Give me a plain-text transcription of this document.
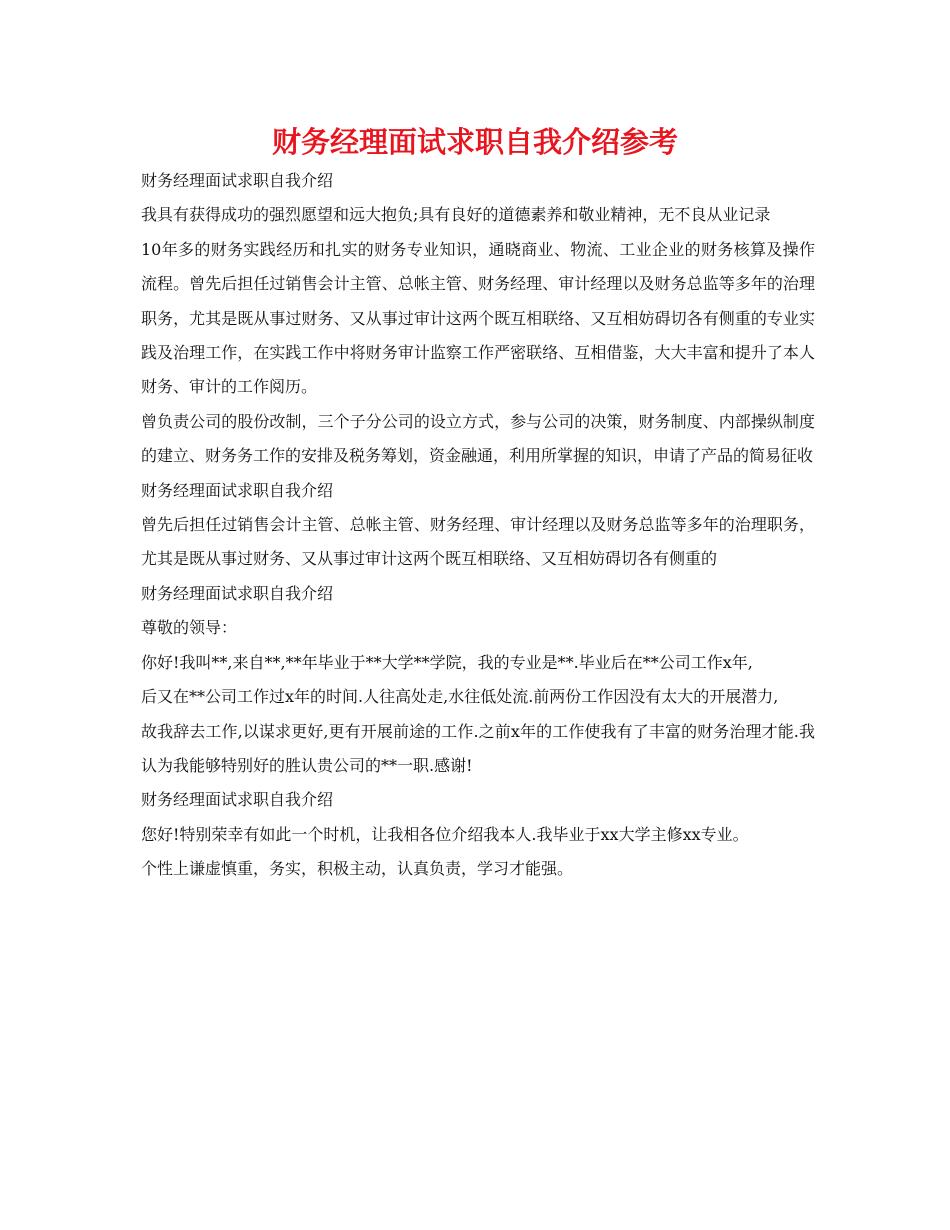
财务经理面试求职自我介绍参考

财务经理面试求职自我介绍

我具有获得成功的强烈愿望和远大抱负;具有良好的道德素养和敬业精神，无不良从业记录

10年多的财务实践经历和扎实的财务专业知识，通晓商业、物流、工业企业的财务核算及操作流程。曾先后担任过销售会计主管、总帐主管、财务经理、审计经理以及财务总监等多年的治理职务，尤其是既从事过财务、又从事过审计这两个既互相联络、又互相妨碍切各有侧重的专业实践及治理工作，在实践工作中将财务审计监察工作严密联络、互相借鉴，大大丰富和提升了本人财务、审计的工作阅历。

曾负责公司的股份改制，三个子分公司的设立方式，参与公司的决策，财务制度、内部操纵制度的建立、财务务工作的安排及税务筹划，资金融通，利用所掌握的知识，申请了产品的简易征收

财务经理面试求职自我介绍

曾先后担任过销售会计主管、总帐主管、财务经理、审计经理以及财务总监等多年的治理职务，尤其是既从事过财务、又从事过审计这两个既互相联络、又互相妨碍切各有侧重的

财务经理面试求职自我介绍

尊敬的领导：

你好!我叫**,来自**,**年毕业于**大学**学院，我的专业是**.毕业后在**公司工作x年,

后又在**公司工作过x年的时间.人往高处走,水往低处流.前两份工作因没有太大的开展潜力,

故我辞去工作,以谋求更好,更有开展前途的工作.之前x年的工作使我有了丰富的财务治理才能.我认为我能够特别好的胜认贵公司的**一职.感谢!

财务经理面试求职自我介绍

您好!特别荣幸有如此一个时机，让我相各位介绍我本人.我毕业于xx大学主修xx专业。

个性上谦虚慎重，务实，积极主动，认真负责，学习才能强。
